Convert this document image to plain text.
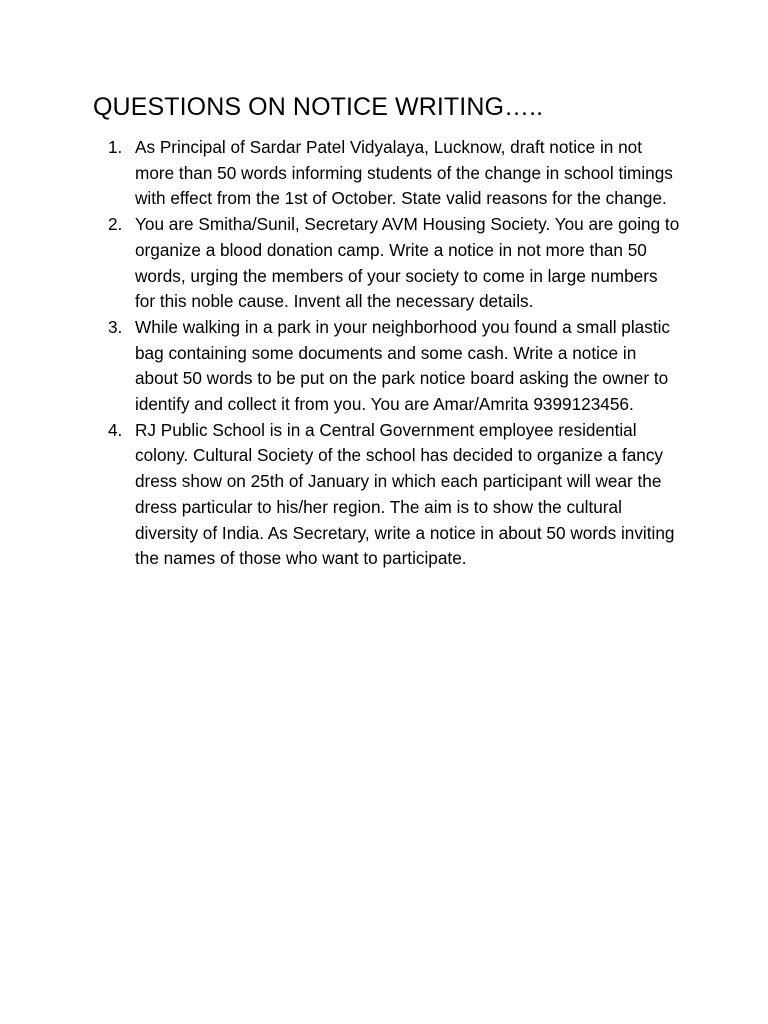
QUESTIONS ON NOTICE WRITING…..
1. As Principal of Sardar Patel Vidyalaya, Lucknow, draft notice in not more than 50 words informing students of the change in school timings with effect from the 1st of October. State valid reasons for the change.
2. You are Smitha/Sunil, Secretary AVM Housing Society. You are going to organize a blood donation camp. Write a notice in not more than 50 words, urging the members of your society to come in large numbers for this noble cause. Invent all the necessary details.
3. While walking in a park in your neighborhood you found a small plastic bag containing some documents and some cash. Write a notice in about 50 words to be put on the park notice board asking the owner to identify and collect it from you. You are Amar/Amrita 9399123456.
4. RJ Public School is in a Central Government employee residential colony. Cultural Society of the school has decided to organize a fancy dress show on 25th of January in which each participant will wear the dress particular to his/her region. The aim is to show the cultural diversity of India. As Secretary, write a notice in about 50 words inviting the names of those who want to participate.
